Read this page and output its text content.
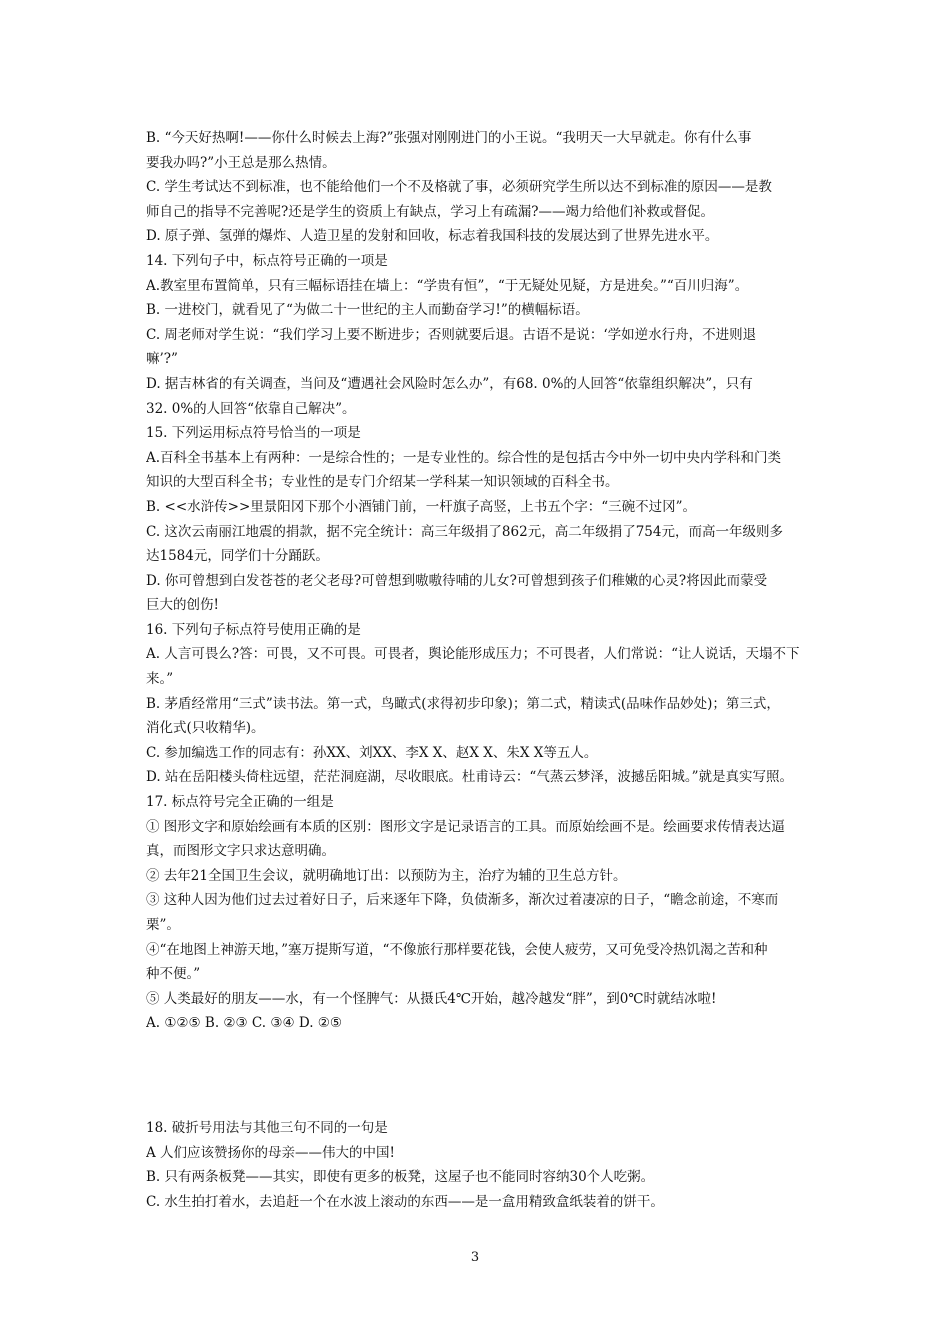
B. “今天好热啊!——你什么时候去上海?”张强对刚刚进门的小王说。“我明天一大早就走。你有什么事
要我办吗?”小王总是那么热情。
C. 学生考试达不到标准，也不能给他们一个不及格就了事，必须研究学生所以达不到标准的原因——是教
师自己的指导不完善呢?还是学生的资质上有缺点，学习上有疏漏?——竭力给他们补救或督促。
D. 原子弹、氢弹的爆炸、人造卫星的发射和回收，标志着我国科技的发展达到了世界先进水平。
14. 下列句子中，标点符号正确的一项是
A.教室里布置简单，只有三幅标语挂在墙上：“学贵有恒”，“于无疑处见疑，方是进矣。”“百川归海”。
B. 一进校门，就看见了“为做二十一世纪的主人而勤奋学习!”的横幅标语。
C. 周老师对学生说：“我们学习上要不断进步；否则就要后退。古语不是说：‘学如逆水行舟，不进则退
嘛’?”
D. 据吉林省的有关调查，当问及“遭遇社会风险时怎么办”，有68. 0%的人回答“依靠组织解决”，只有
32. 0%的人回答“依靠自己解决”。
15. 下列运用标点符号恰当的一项是
A.百科全书基本上有两种：一是综合性的；一是专业性的。综合性的是包括古今中外一切中央内学科和门类
知识的大型百科全书；专业性的是专门介绍某一学科某一知识领域的百科全书。
B. <<水浒传>>里景阳冈下那个小酒铺门前，一杆旗子高竖，上书五个字：“三碗不过冈”。
C. 这次云南丽江地震的捐款，据不完全统计：高三年级捐了862元，高二年级捐了754元，而高一年级则多
达1584元，同学们十分踊跃。
D. 你可曾想到白发苍苍的老父老母?可曾想到嗷嗷待哺的儿女?可曾想到孩子们稚嫩的心灵?将因此而蒙受
巨大的创伤!
16. 下列句子标点符号使用正确的是
A. 人言可畏么?答：可畏，又不可畏。可畏者，舆论能形成压力；不可畏者，人们常说：“让人说话，天塌不下
来。”
B. 茅盾经常用“三式”读书法。第一式，鸟瞰式(求得初步印象)；第二式，精读式(品味作品妙处)；第三式，
消化式(只收精华)。
C. 参加编选工作的同志有：孙XX、刘XX、李X X、赵X X、朱X X等五人。
D. 站在岳阳楼头倚柱远望，茫茫洞庭湖，尽收眼底。杜甫诗云：“气蒸云梦泽，波撼岳阳城。”就是真实写照。
17. 标点符号完全正确的一组是
① 图形文字和原始绘画有本质的区别：图形文字是记录语言的工具。而原始绘画不是。绘画要求传情表达逼
真，而图形文字只求达意明确。
② 去年21全国卫生会议，就明确地订出：以预防为主，治疗为辅的卫生总方针。
③ 这种人因为他们过去过着好日子，后来逐年下降，负债渐多，渐次过着凄凉的日子，“瞻念前途，不寒而
栗”。
④“在地图上神游天地，”塞万提斯写道，“不像旅行那样要花钱，会使人疲劳，又可免受冷热饥渴之苦和种
种不便。”
⑤ 人类最好的朋友——水，有一个怪脾气：从摄氏4℃开始，越冷越发“胖”，到0℃时就结冰啦!
A. ①②⑤ B. ②③ C. ③④ D. ②⑤
18. 破折号用法与其他三句不同的一句是
A 人们应该赞扬你的母亲——伟大的中国!
B. 只有两条板凳——其实，即使有更多的板凳，这屋子也不能同时容纳30个人吃粥。
C. 水生拍打着水，去追赶一个在水波上滚动的东西——是一盒用精致盒纸装着的饼干。
3
